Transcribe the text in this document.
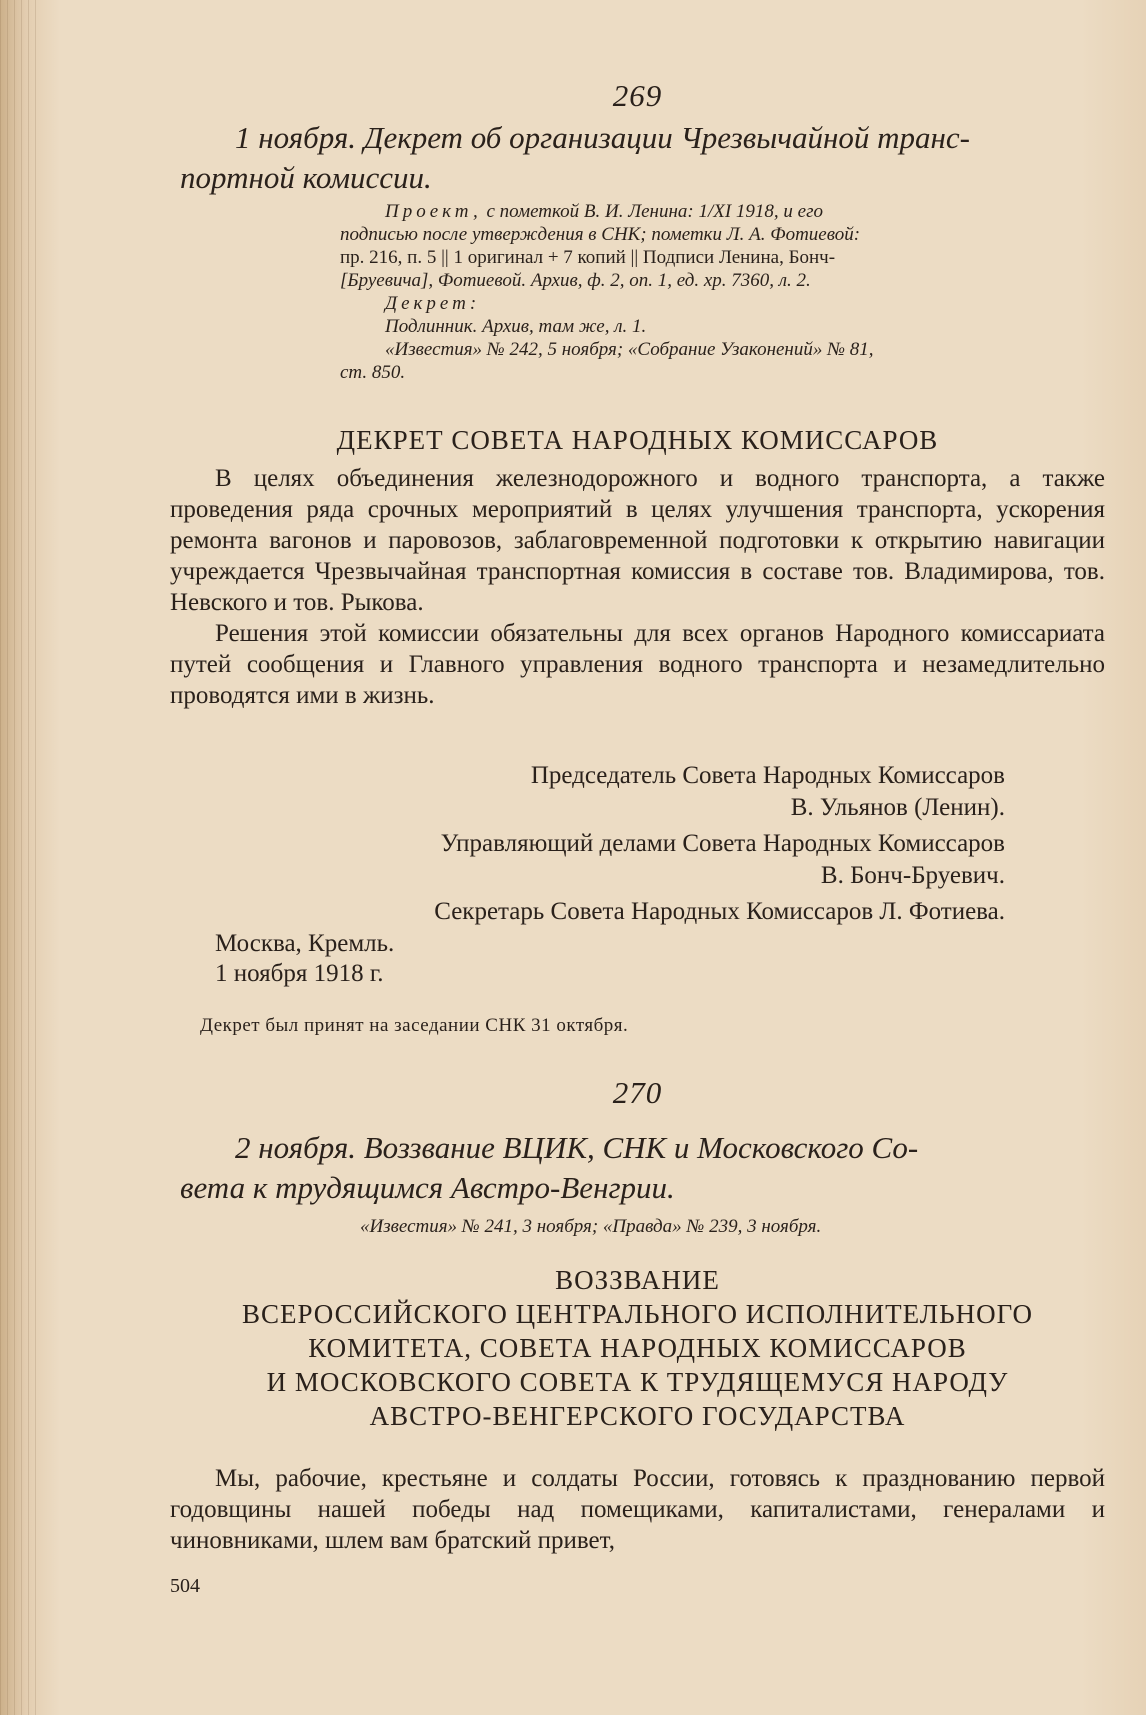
269
1 ноября. Декрет об организации Чрезвычайной транс-
портной комиссии.
Проект, с пометкой В. И. Ленина: 1/XI 1918, и его
подписью после утверждения в СНК; пометки Л. А. Фотиевой:
пр. 216, п. 5 || 1 оригинал + 7 копий || Подписи Ленина, Бонч-
[Бруевича], Фотиевой. Архив, ф. 2, оп. 1, ед. хр. 7360, л. 2.
Декрет:
Подлинник. Архив, там же, л. 1.
«Известия» № 242, 5 ноября; «Собрание Узаконений» № 81,
ст. 850.
ДЕКРЕТ СОВЕТА НАРОДНЫХ КОМИССАРОВ

В целях объединения железнодорожного и водного транспорта, а также проведения ряда срочных мероприятий в целях улучшения транспорта, ускорения ремонта вагонов и паровозов, заблаговременной подготовки к открытию навигации учреждается Чрезвычайная транспортная комиссия в составе тов. Владимирова, тов. Невского и тов. Рыкова.

Решения этой комиссии обязательны для всех органов Народного комиссариата путей сообщения и Главного управления водного транспорта и незамедлительно проводятся ими в жизнь.

Председатель Совета Народных Комиссаров
В. Ульянов (Ленин).
Управляющий делами Совета Народных Комиссаров
В. Бонч-Бруевич.
Секретарь Совета Народных Комиссаров Л. Фотиева.
Москва, Кремль.
1 ноября 1918 г.
Декрет был принят на заседании СНК 31 октября.
270
2 ноября. Воззвание ВЦИК, СНК и Московского Со-
вета к трудящимся Австро-Венгрии.
«Известия» № 241, 3 ноября; «Правда» № 239, 3 ноября.
ВОЗЗВАНИЕ
ВСЕРОССИЙСКОГО ЦЕНТРАЛЬНОГО ИСПОЛНИТЕЛЬНОГО
КОМИТЕТА, СОВЕТА НАРОДНЫХ КОМИССАРОВ
И МОСКОВСКОГО СОВЕТА К ТРУДЯЩЕМУСЯ НАРОДУ
АВСТРО-ВЕНГЕРСКОГО ГОСУДАРСТВА

Мы, рабочие, крестьяне и солдаты России, готовясь к празднованию первой годовщины нашей победы над помещиками, капиталистами, генералами и чиновниками, шлем вам братский привет,

504
